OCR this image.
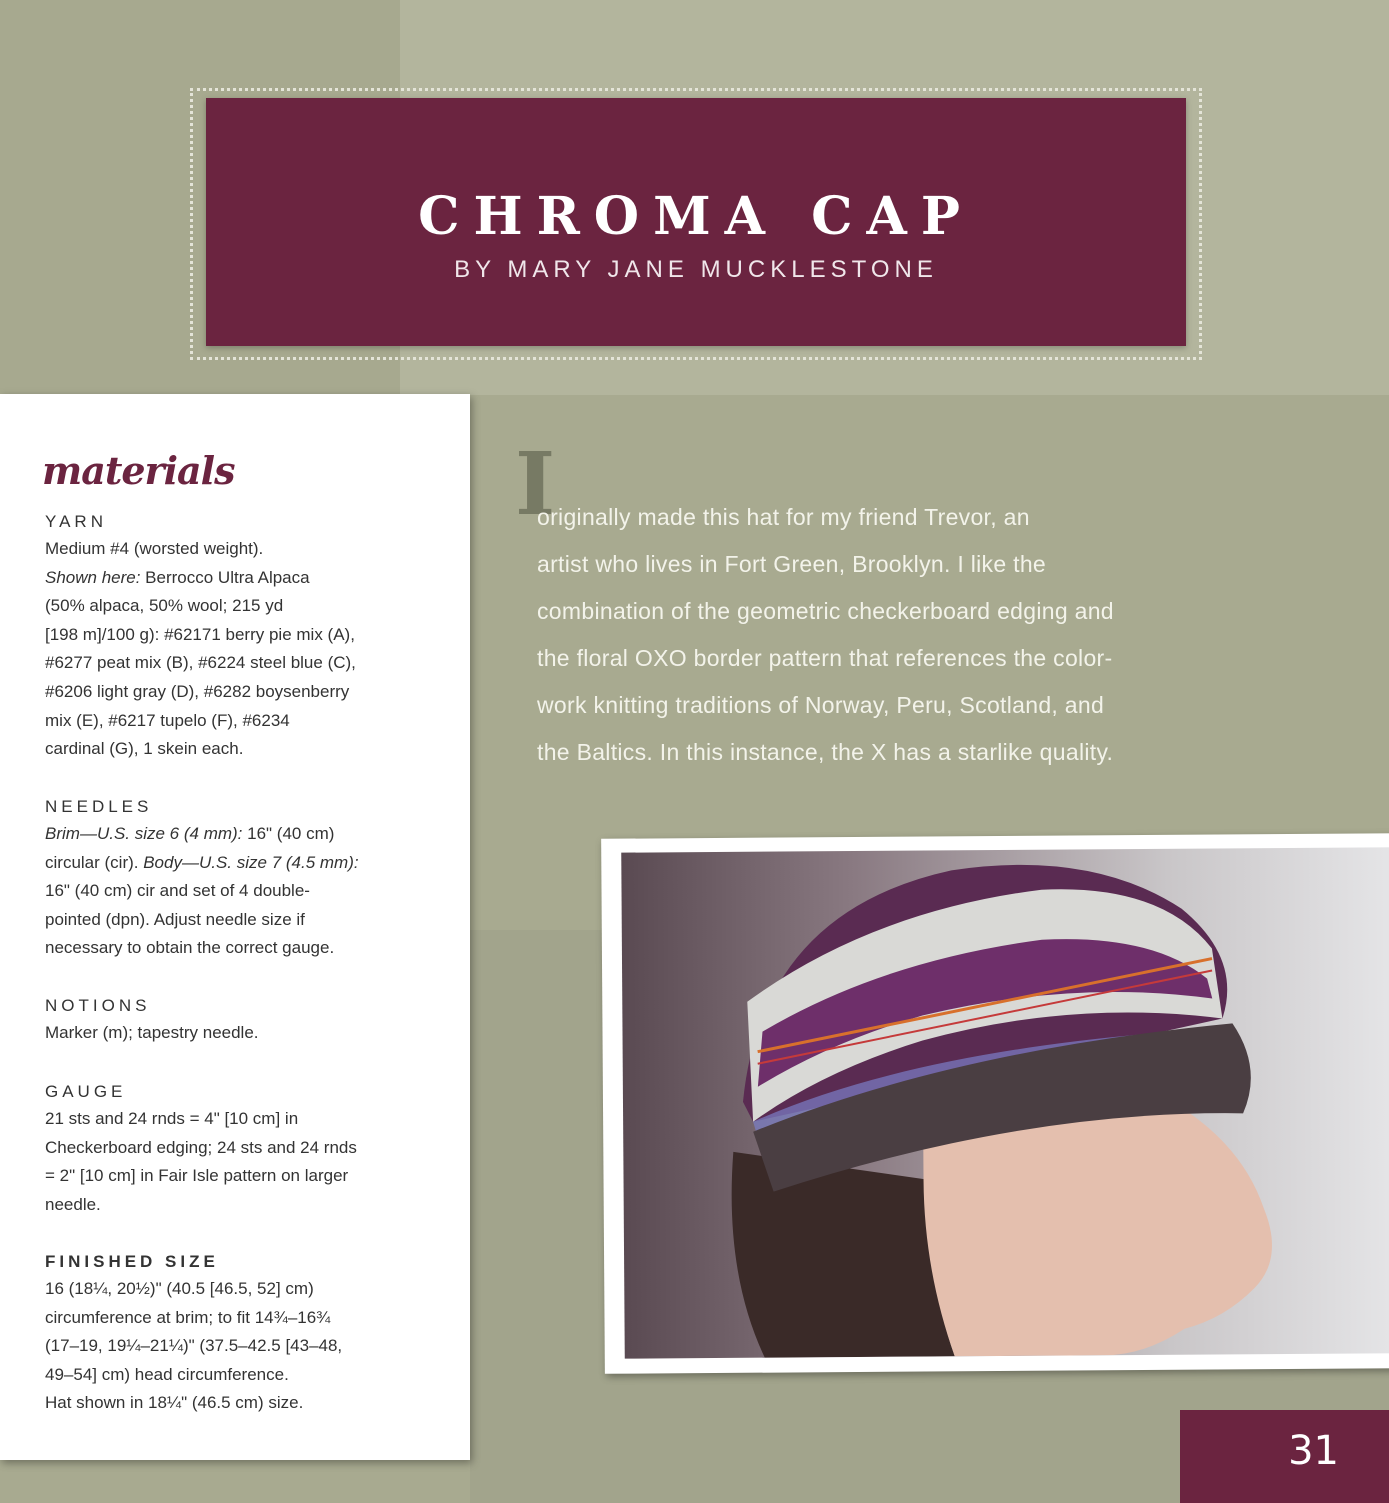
CHROMA CAP

BY MARY JANE MUCKLESTONE

materials

YARN

Medium #4 (worsted weight).
Shown here: Berrocco Ultra Alpaca
(50% alpaca, 50% wool; 215 yd
[198 m]/100 g): #62171 berry pie mix (A),
#6277 peat mix (B), #6224 steel blue (C),
#6206 light gray (D), #6282 boysenberry
mix (E), #6217 tupelo (F), #6234
cardinal (G), 1 skein each.

NEEDLES

Brim—U.S. size 6 (4 mm): 16" (40 cm)
circular (cir). Body—U.S. size 7 (4.5 mm):
16" (40 cm) cir and set of 4 double-
pointed (dpn). Adjust needle size if
necessary to obtain the correct gauge.

NOTIONS

Marker (m); tapestry needle.

GAUGE

21 sts and 24 rnds = 4" [10 cm] in
Checkerboard edging; 24 sts and 24 rnds
= 2" [10 cm] in Fair Isle pattern on larger
needle.

FINISHED SIZE

16 (18¼, 20½)" (40.5 [46.5, 52] cm)
circumference at brim; to fit 14¾–16¾
(17–19, 19¼–21¼)" (37.5–42.5 [43–48,
49–54] cm) head circumference.
Hat shown in 18¼" (46.5 cm) size.

I
originally made this hat for my friend Trevor, an
artist who lives in Fort Green, Brooklyn. I like the
combination of the geometric checkerboard edging and
the floral OXO border pattern that references the color-
work knitting traditions of Norway, Peru, Scotland, and
the Baltics. In this instance, the X has a starlike quality.

31
